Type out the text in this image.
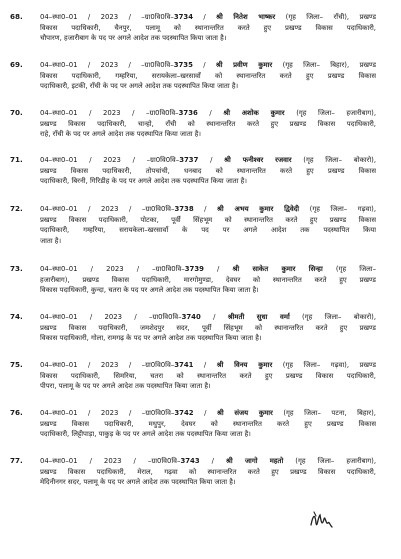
68.	04–स्था0–01 / 2023 / –ग्रा0वि0वि–3734 / श्री नितेश भाष्कर (गृह जिला– राँची), प्रखण्ड
विकास पदाधिकारी, चैनपुर, पलामू को स्थानान्तरित करते हुए प्रखण्ड विकास पदाधिकारी,
चौपारण, हजारीबाग के पद पर अगले आदेश तक पदस्थापित किया जाता है।
69.	04–स्था0–01 / 2023 / –ग्रा0वि0वि–3735 / श्री प्रवीण कुमार (गृह जिला– बिहार), प्रखण्ड
विकास पदाधिकारी, गम्हरिया, सरायकेला–खरसावाँ को स्थानान्तरित करते हुए प्रखण्ड विकास
पदाधिकारी, इटकी, राँची के पद पर अगले आदेश तक पदस्थापित किया जाता है।
70.	04–स्था0–01 / 2023 / –ग्रा0वि0वि–3736 / श्री अशोक कुमार (गृह जिला– हजारीबाग),
प्रखण्ड विकास पदाधिकारी, चान्हो, राँची को स्थानान्तरित करते हुए प्रखण्ड विकास पदाधिकारी,
राहे, राँची के पद पर अगले आदेश तक पदस्थापित किया जाता है।
71.	04–स्था0–01 / 2023 / –ग्रा0वि0वि–3737 / श्री फनीश्वर रजवार (गृह जिला– बोकारो),
प्रखण्ड विकास पदाधिकारी, तोपचांची, धनबाद को स्थानान्तरित करते हुए प्रखण्ड विकास
पदाधिकारी, बिरनी, गिरिडीह के पद पर अगले आदेश तक पदस्थापित किया जाता है।
72.	04–स्था0–01 / 2023 / –ग्रा0वि0वि–3738 / श्री अभय कुमार द्विवेदी (गृह जिला– गढ़वा),
प्रखण्ड विकास पदाधिकारी, पोटका, पूर्वी सिंहभूम को स्थानान्तरित करते हुए प्रखण्ड विकास
पदाधिकारी, गम्हरिया, सरायकेला–खरसावाँ के पद पर अगले आदेश तक पदस्थापित किया
जाता है।
73.	04–स्था0–01 / 2023 / –ग्रा0वि0वि–3739 / श्री साकेत कुमार सिन्हा (गृह जिला–
हजारीबाग), प्रखण्ड विकास पदाधिकारी, मारगोमुण्डा, देवघर को स्थानान्तरित करते हुए प्रखण्ड
विकास पदाधिकारी, कुन्दा, चतरा के पद पर अगले आदेश तक पदस्थापित किया जाता है।
74.	04–स्था0–01 / 2023 / –ग्रा0वि0वि–3740 / श्रीमती सुधा वर्मा (गृह जिला– बोकारो),
प्रखण्ड विकास पदाधिकारी, जमशेदपुर सदर, पूर्वी सिंहभूम को स्थानान्तरित करते हुए प्रखण्ड
विकास पदाधिकारी, गोला, रामगढ़ के पद पर अगले आदेश तक पदस्थापित किया जाता है।
75.	04–स्था0–01 / 2023 / –ग्रा0वि0वि–3741 / श्री विनय कुमार (गृह जिला– गढ़वा), प्रखण्ड
विकास पदाधिकारी, सिमरिया, चतरा को स्थानान्तरित करते हुए प्रखण्ड विकास पदाधिकारी,
पीपरा, पलामू के पद पर अगले आदेश तक पदस्थापित किया जाता है।
76.	04–स्था0–01 / 2023 / –ग्रा0वि0वि–3742 / श्री संजय कुमार (गृह जिला– पटना, बिहार),
प्रखण्ड विकास पदाधिकारी, मधुपुर, देवघर को स्थानान्तरित करते हुए प्रखण्ड विकास
पदाधिकारी, लिट्टीपाड़ा, पाकुड़ के पद पर अगले आदेश तक पदस्थापित किया जाता है।
77.	04–स्था0–01 / 2023 / –ग्रा0वि0वि–3743 / श्री जागो महतो (गृह जिला– हजारीबाग),
प्रखण्ड विकास पदाधिकारी, मेराल, गढ़वा को स्थानान्तरित करते हुए प्रखण्ड विकास पदाधिकारी,
मेदिनीनगर सदर, पलामू के पद पर अगले आदेश तक पदस्थापित किया जाता है।
